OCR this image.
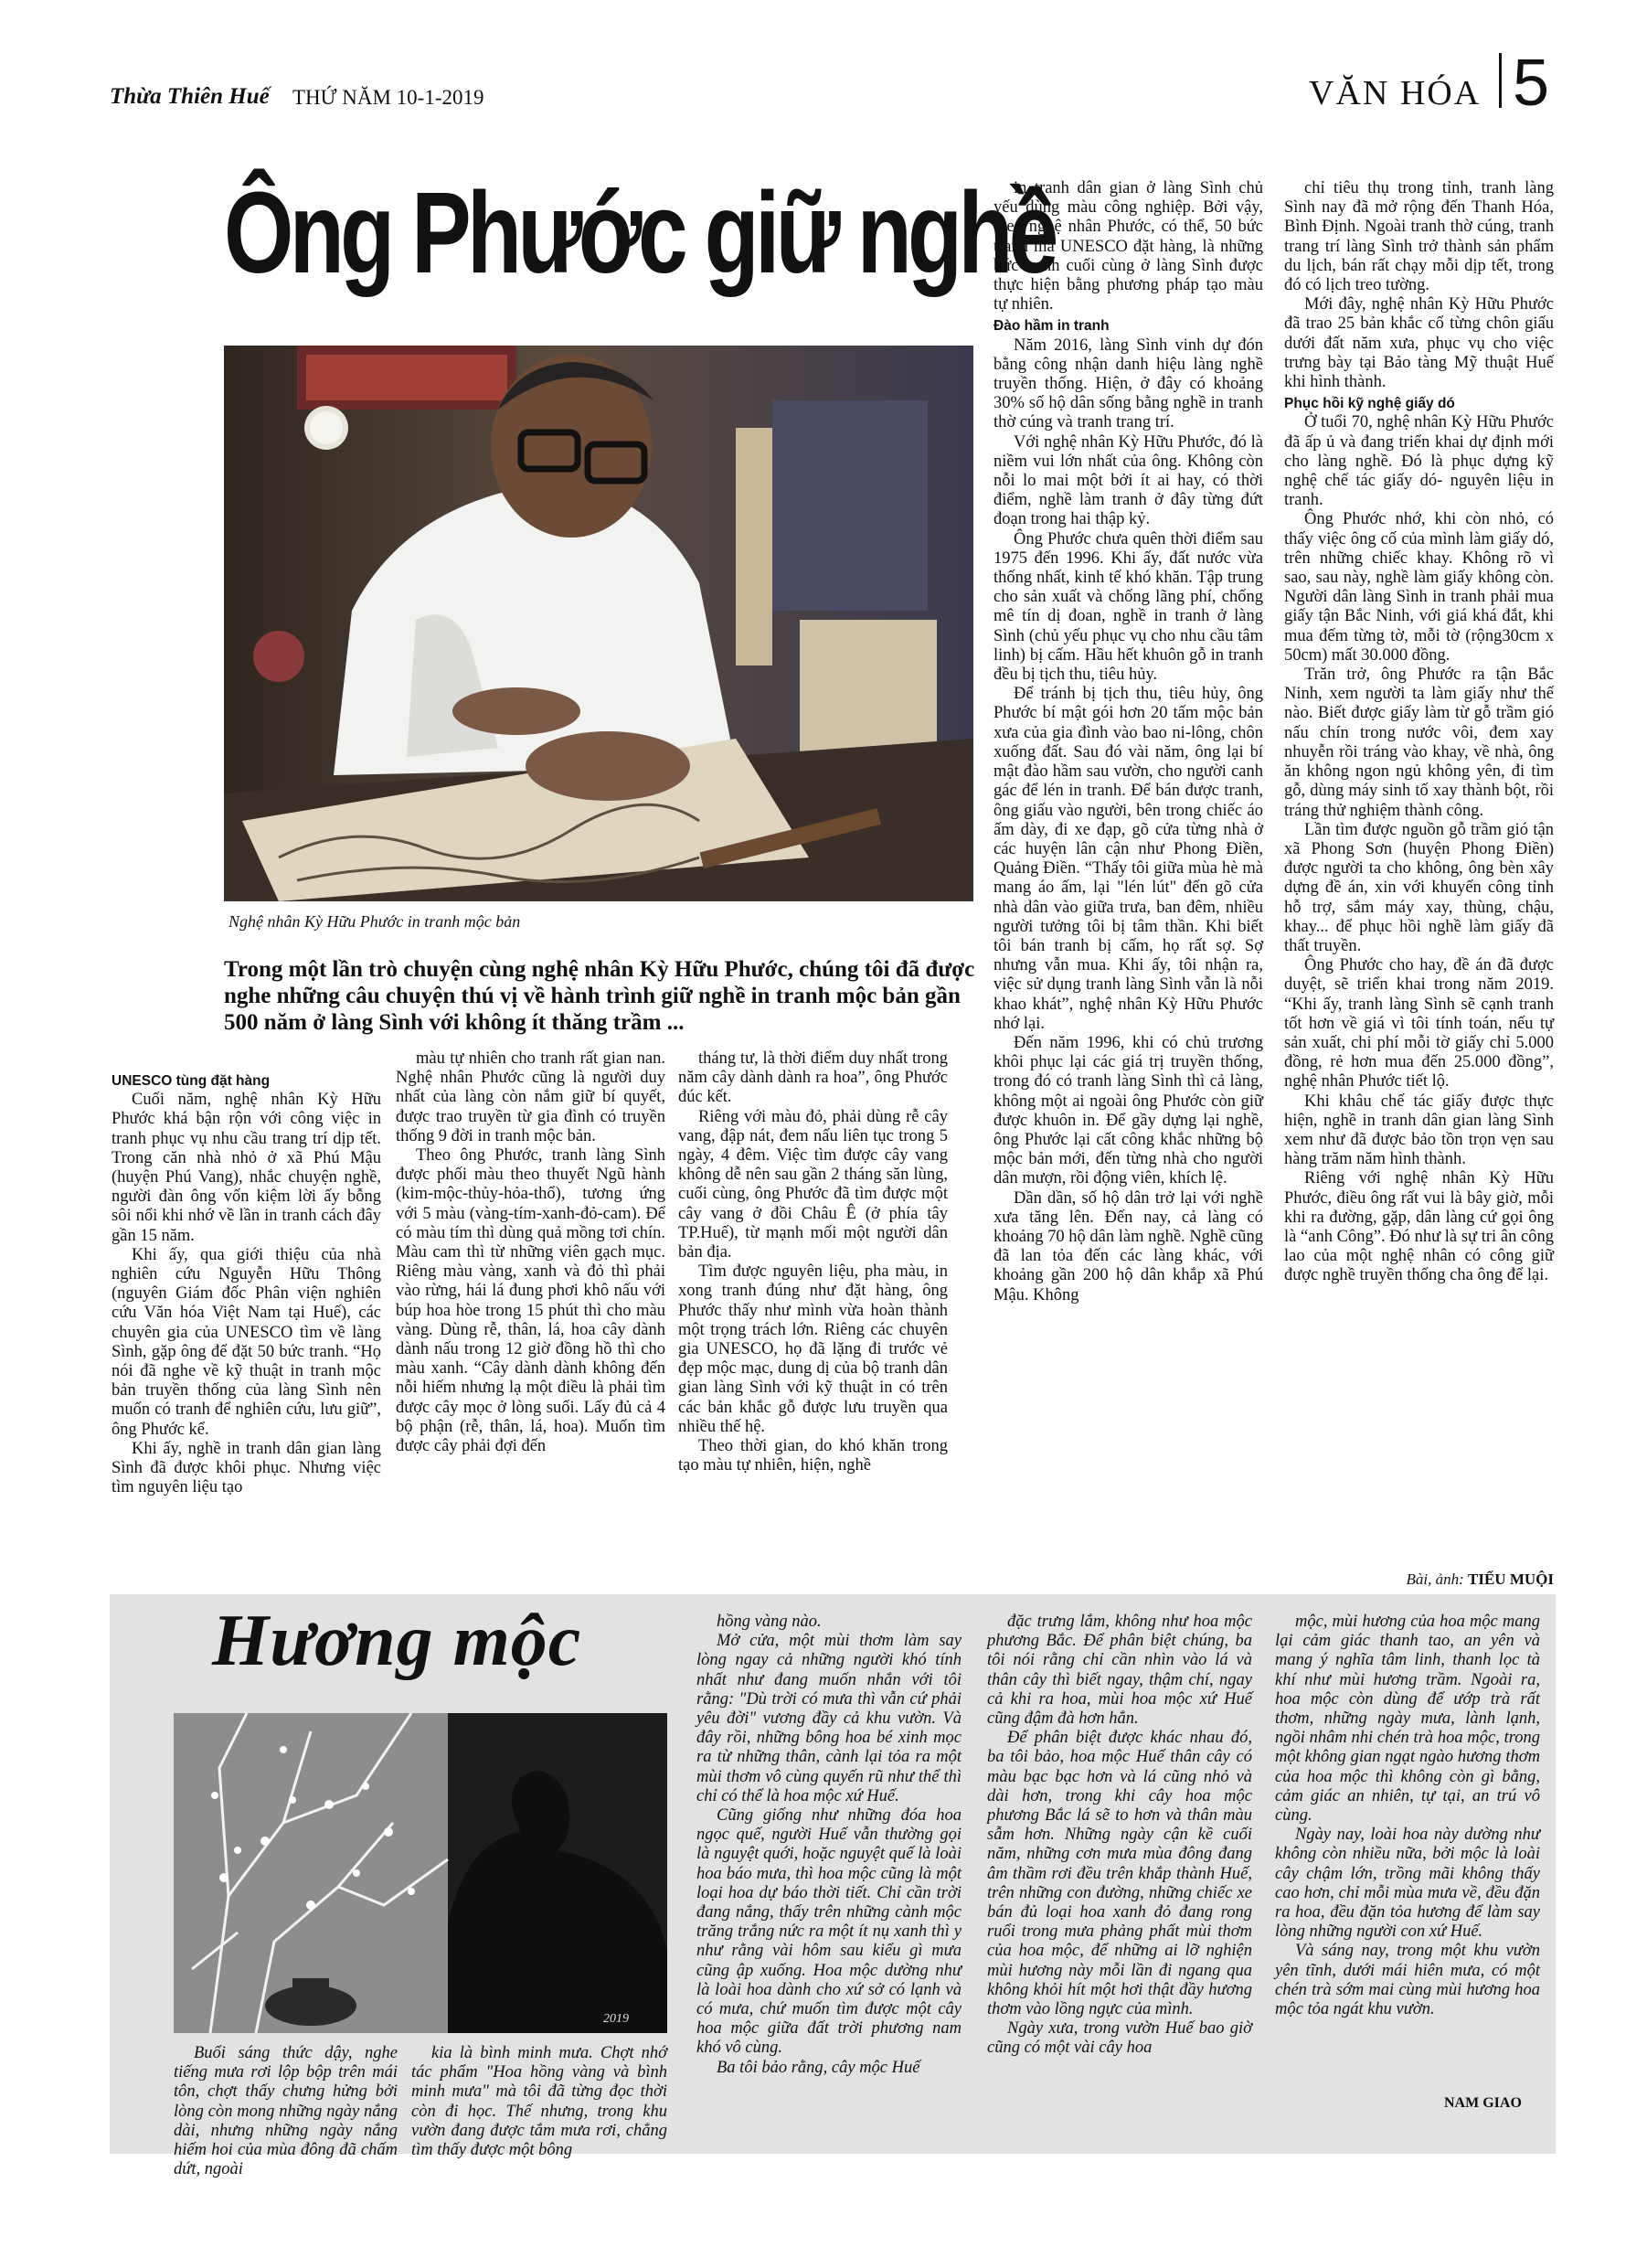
Thừa Thiên Huế THỨ NĂM 10-1-2019	VĂN HÓA 5
Ông Phước giữ nghề
Nghệ nhân Kỳ Hữu Phước in tranh mộc bản
Trong một lần trò chuyện cùng nghệ nhân Kỳ Hữu Phước, chúng tôi đã được nghe những câu chuyện thú vị về hành trình giữ nghề in tranh mộc bản gần 500 năm ở làng Sình với không ít thăng trầm ...

UNESCO tùng đặt hàng

Cuối năm, nghệ nhân Kỳ Hữu Phước khá bận rộn với công việc in tranh phục vụ nhu cầu trang trí dịp tết. Trong căn nhà nhỏ ở xã Phú Mậu (huyện Phú Vang), nhắc chuyện nghề, người đàn ông vốn kiệm lời ấy bỗng sôi nổi khi nhớ về lần in tranh cách đây gần 15 năm.

Khi ấy, qua giới thiệu của nhà nghiên cứu Nguyễn Hữu Thông (nguyên Giám đốc Phân viện nghiên cứu Văn hóa Việt Nam tại Huế), các chuyên gia của UNESCO tìm về làng Sình, gặp ông để đặt 50 bức tranh. “Họ nói đã nghe về kỹ thuật in tranh mộc bản truyền thống của làng Sình nên muốn có tranh để nghiên cứu, lưu giữ”, ông Phước kể.

Khi ấy, nghề in tranh dân gian làng Sình đã được khôi phục. Nhưng việc tìm nguyên liệu tạo

màu tự nhiên cho tranh rất gian nan. Nghệ nhân Phước cũng là người duy nhất của làng còn nắm giữ bí quyết, được trao truyền từ gia đình có truyền thống 9 đời in tranh mộc bản.

Theo ông Phước, tranh làng Sình được phối màu theo thuyết Ngũ hành (kim-mộc-thủy-hỏa-thổ), tương ứng với 5 màu (vàng-tím-xanh-đỏ-cam). Để có màu tím thì dùng quả mồng tơi chín. Màu cam thì từ những viên gạch mục. Riêng màu vàng, xanh và đỏ thì phải vào rừng, hái lá đung phơi khô nấu với búp hoa hòe trong 15 phút thì cho màu vàng. Dùng rễ, thân, lá, hoa cây dành dành nấu trong 12 giờ đồng hồ thì cho màu xanh. “Cây dành dành không đến nỗi hiếm nhưng lạ một điều là phải tìm được cây mọc ở lòng suối. Lấy đủ cả 4 bộ phận (rễ, thân, lá, hoa). Muốn tìm được cây phải đợi đến

tháng tư, là thời điểm duy nhất trong năm cây dành dành ra hoa”, ông Phước đúc kết.

Riêng với màu đỏ, phải dùng rễ cây vang, đập nát, đem nấu liên tục trong 5 ngày, 4 đêm. Việc tìm được cây vang không dễ nên sau gần 2 tháng săn lùng, cuối cùng, ông Phước đã tìm được một cây vang ở đồi Châu Ê (ở phía tây TP.Huế), từ mạnh mối một người dân bản địa.

Tìm được nguyên liệu, pha màu, in xong tranh đúng như đặt hàng, ông Phước thấy như mình vừa hoàn thành một trọng trách lớn. Riêng các chuyên gia UNESCO, họ đã lặng đi trước vẻ đẹp mộc mạc, dung dị của bộ tranh dân gian làng Sình với kỹ thuật in có trên các bản khắc gỗ được lưu truyền qua nhiều thế hệ.

Theo thời gian, do khó khăn trong tạo màu tự nhiên, hiện, nghề

in tranh dân gian ở làng Sình chủ yếu dùng màu công nghiệp. Bởi vậy, theo nghệ nhân Phước, có thể, 50 bức tranh mà UNESCO đặt hàng, là những bức tranh cuối cùng ở làng Sình được thực hiện bằng phương pháp tạo màu tự nhiên.

Đào hầm in tranh

Năm 2016, làng Sình vinh dự đón bằng công nhận danh hiệu làng nghề truyền thống. Hiện, ở đây có khoảng 30% số hộ dân sống bằng nghề in tranh thờ cúng và tranh trang trí.

Với nghệ nhân Kỳ Hữu Phước, đó là niềm vui lớn nhất của ông. Không còn nỗi lo mai một bởi ít ai hay, có thời điểm, nghề làm tranh ở đây từng đứt đoạn trong hai thập kỷ.

Ông Phước chưa quên thời điểm sau 1975 đến 1996. Khi ấy, đất nước vừa thống nhất, kinh tế khó khăn. Tập trung cho sản xuất và chống lãng phí, chống mê tín dị đoan, nghề in tranh ở làng Sình (chủ yếu phục vụ cho nhu cầu tâm linh) bị cấm. Hầu hết khuôn gỗ in tranh đều bị tịch thu, tiêu hủy.

Để tránh bị tịch thu, tiêu hủy, ông Phước bí mật gói hơn 20 tấm mộc bản xưa của gia đình vào bao ni-lông, chôn xuống đất. Sau đó vài năm, ông lại bí mật đào hầm sau vườn, cho người canh gác để lén in tranh. Để bán được tranh, ông giấu vào người, bên trong chiếc áo ấm dày, đi xe đạp, gõ cửa từng nhà ở các huyện lân cận như Phong Điền, Quảng Điền. “Thấy tôi giữa mùa hè mà mang áo ấm, lại "lén lút" đến gõ cửa nhà dân vào giữa trưa, ban đêm, nhiều người tưởng tôi bị tâm thần. Khi biết tôi bán tranh bị cấm, họ rất sợ. Sợ nhưng vẫn mua. Khi ấy, tôi nhận ra, việc sử dụng tranh làng Sình vẫn là nỗi khao khát”, nghệ nhân Kỳ Hữu Phước nhớ lại.

Đến năm 1996, khi có chủ trương khôi phục lại các giá trị truyền thống, trong đó có tranh làng Sình thì cả làng, không một ai ngoài ông Phước còn giữ được khuôn in. Để gầy dựng lại nghề, ông Phước lại cất công khắc những bộ mộc bản mới, đến từng nhà cho người dân mượn, rồi động viên, khích lệ.

Dần dần, số hộ dân trở lại với nghề xưa tăng lên. Đến nay, cả làng có khoảng 70 hộ dân làm nghề. Nghề cũng đã lan tỏa đến các làng khác, với khoảng gần 200 hộ dân khắp xã Phú Mậu. Không

chỉ tiêu thụ trong tỉnh, tranh làng Sình nay đã mở rộng đến Thanh Hóa, Bình Định. Ngoài tranh thờ cúng, tranh trang trí làng Sình trở thành sản phẩm du lịch, bán rất chạy mỗi dịp tết, trong đó có lịch treo tường.

Mới đây, nghệ nhân Kỳ Hữu Phước đã trao 25 bản khắc cổ từng chôn giấu dưới đất năm xưa, phục vụ cho việc trưng bày tại Bảo tàng Mỹ thuật Huế khi hình thành.

Phục hồi kỹ nghệ giấy dó

Ở tuổi 70, nghệ nhân Kỳ Hữu Phước đã ấp ủ và đang triển khai dự định mới cho làng nghề. Đó là phục dựng kỹ nghệ chế tác giấy dó- nguyên liệu in tranh.

Ông Phước nhớ, khi còn nhỏ, có thấy việc ông cố của mình làm giấy dó, trên những chiếc khay. Không rõ vì sao, sau này, nghề làm giấy không còn. Người dân làng Sình in tranh phải mua giấy tận Bắc Ninh, với giá khá đắt, khi mua đếm từng tờ, mỗi tờ (rộng30cm x 50cm) mất 30.000 đồng.

Trăn trở, ông Phước ra tận Bắc Ninh, xem người ta làm giấy như thế nào. Biết được giấy làm từ gỗ trầm gió nấu chín trong nước vôi, đem xay nhuyễn rồi tráng vào khay, về nhà, ông ăn không ngon ngủ không yên, đi tìm gỗ, dùng máy sinh tố xay thành bột, rồi tráng thử nghiệm thành công.

Lần tìm được nguồn gỗ trầm gió tận xã Phong Sơn (huyện Phong Điền) được người ta cho không, ông bèn xây dựng đề án, xin với khuyến công tỉnh hỗ trợ, sắm máy xay, thùng, chậu, khay... để phục hồi nghề làm giấy đã thất truyền.

Ông Phước cho hay, đề án đã được duyệt, sẽ triển khai trong năm 2019. “Khi ấy, tranh làng Sình sẽ cạnh tranh tốt hơn về giá vì tôi tính toán, nếu tự sản xuất, chi phí mỗi tờ giấy chỉ 5.000 đồng, rẻ hơn mua đến 25.000 đồng”, nghệ nhân Phước tiết lộ.

Khi khâu chế tác giấy được thực hiện, nghề in tranh dân gian làng Sình xem như đã được bảo tồn trọn vẹn sau hàng trăm năm hình thành.

Riêng với nghệ nhân Kỳ Hữu Phước, điều ông rất vui là bây giờ, mỗi khi ra đường, gặp, dân làng cứ gọi ông là “anh Công”. Đó như là sự tri ân công lao của một nghệ nhân có công giữ được nghề truyền thống cha ông để lại.

Bài, ảnh: TIỂU MUỘI
Hương mộc
2019

Buổi sáng thức dậy, nghe tiếng mưa rơi lộp bộp trên mái tôn, chợt thấy chưng hửng bởi lòng còn mong những ngày nắng dài, nhưng những ngày nắng hiếm hoi của mùa đông đã chấm dứt, ngoài

kia là bình minh mưa. Chợt nhớ tác phẩm "Hoa hồng vàng và bình minh mưa" mà tôi đã từng đọc thời còn đi học. Thế nhưng, trong khu vườn đang được tắm mưa rơi, chẳng tìm thấy được một bông

hồng vàng nào.

Mở cửa, một mùi thơm làm say lòng ngay cả những người khó tính nhất như đang muốn nhắn với tôi rằng: "Dù trời có mưa thì vẫn cứ phải yêu đời" vương đầy cả khu vườn. Và đây rồi, những bông hoa bé xinh mọc ra từ những thân, cành lại tỏa ra một mùi thơm vô cùng quyến rũ như thể thì chỉ có thể là hoa mộc xứ Huế.

Cũng giống như những đóa hoa ngọc quế, người Huế vẫn thường gọi là nguyệt quới, hoặc nguyệt quế là loài hoa báo mưa, thì hoa mộc cũng là một loại hoa dự báo thời tiết. Chỉ cần trời đang nắng, thấy trên những cành mộc trăng trắng nức ra một ít nụ xanh thì y như rằng vài hôm sau kiểu gì mưa cũng ập xuống. Hoa mộc dường như là loài hoa dành cho xứ sở có lạnh và có mưa, chứ muốn tìm được một cây hoa mộc giữa đất trời phương nam khó vô cùng.

Ba tôi bảo rằng, cây mộc Huế

đặc trưng lắm, không như hoa mộc phương Bắc. Để phân biệt chúng, ba tôi nói rằng chỉ cần nhìn vào lá và thân cây thì biết ngay, thậm chí, ngay cả khi ra hoa, mùi hoa mộc xứ Huế cũng đậm đà hơn hẳn.

Để phân biệt được khác nhau đó, ba tôi bảo, hoa mộc Huế thân cây có màu bạc bạc hơn và lá cũng nhỏ và dài hơn, trong khi cây hoa mộc phương Bắc lá sẽ to hơn và thân màu sẫm hơn. Những ngày cận kề cuối năm, những cơn mưa mùa đông đang âm thầm rơi đều trên khắp thành Huế, trên những con đường, những chiếc xe bán đủ loại hoa xanh đỏ đang rong ruổi trong mưa phảng phất mùi thơm của hoa mộc, để những ai lỡ nghiện mùi hương này mỗi lần đi ngang qua không khỏi hít một hơi thật đầy hương thơm vào lồng ngực của mình.

Ngày xưa, trong vườn Huế bao giờ cũng có một vài cây hoa

mộc, mùi hương của hoa mộc mang lại cảm giác thanh tao, an yên và mang ý nghĩa tâm linh, thanh lọc tà khí như mùi hương trầm. Ngoài ra, hoa mộc còn dùng để ướp trà rất thơm, những ngày mưa, lành lạnh, ngồi nhâm nhi chén trà hoa mộc, trong một không gian ngạt ngào hương thơm của hoa mộc thì không còn gì bằng, cảm giác an nhiên, tự tại, an trú vô cùng.

Ngày nay, loài hoa này dường như không còn nhiều nữa, bởi mộc là loài cây chậm lớn, trồng mãi không thấy cao hơn, chỉ mỗi mùa mưa về, đều đặn ra hoa, đều đặn tỏa hương để làm say lòng những người con xứ Huế.

Và sáng nay, trong một khu vườn yên tĩnh, dưới mái hiên mưa, có một chén trà sớm mai cùng mùi hương hoa mộc tỏa ngát khu vườn.

NAM GIAO
